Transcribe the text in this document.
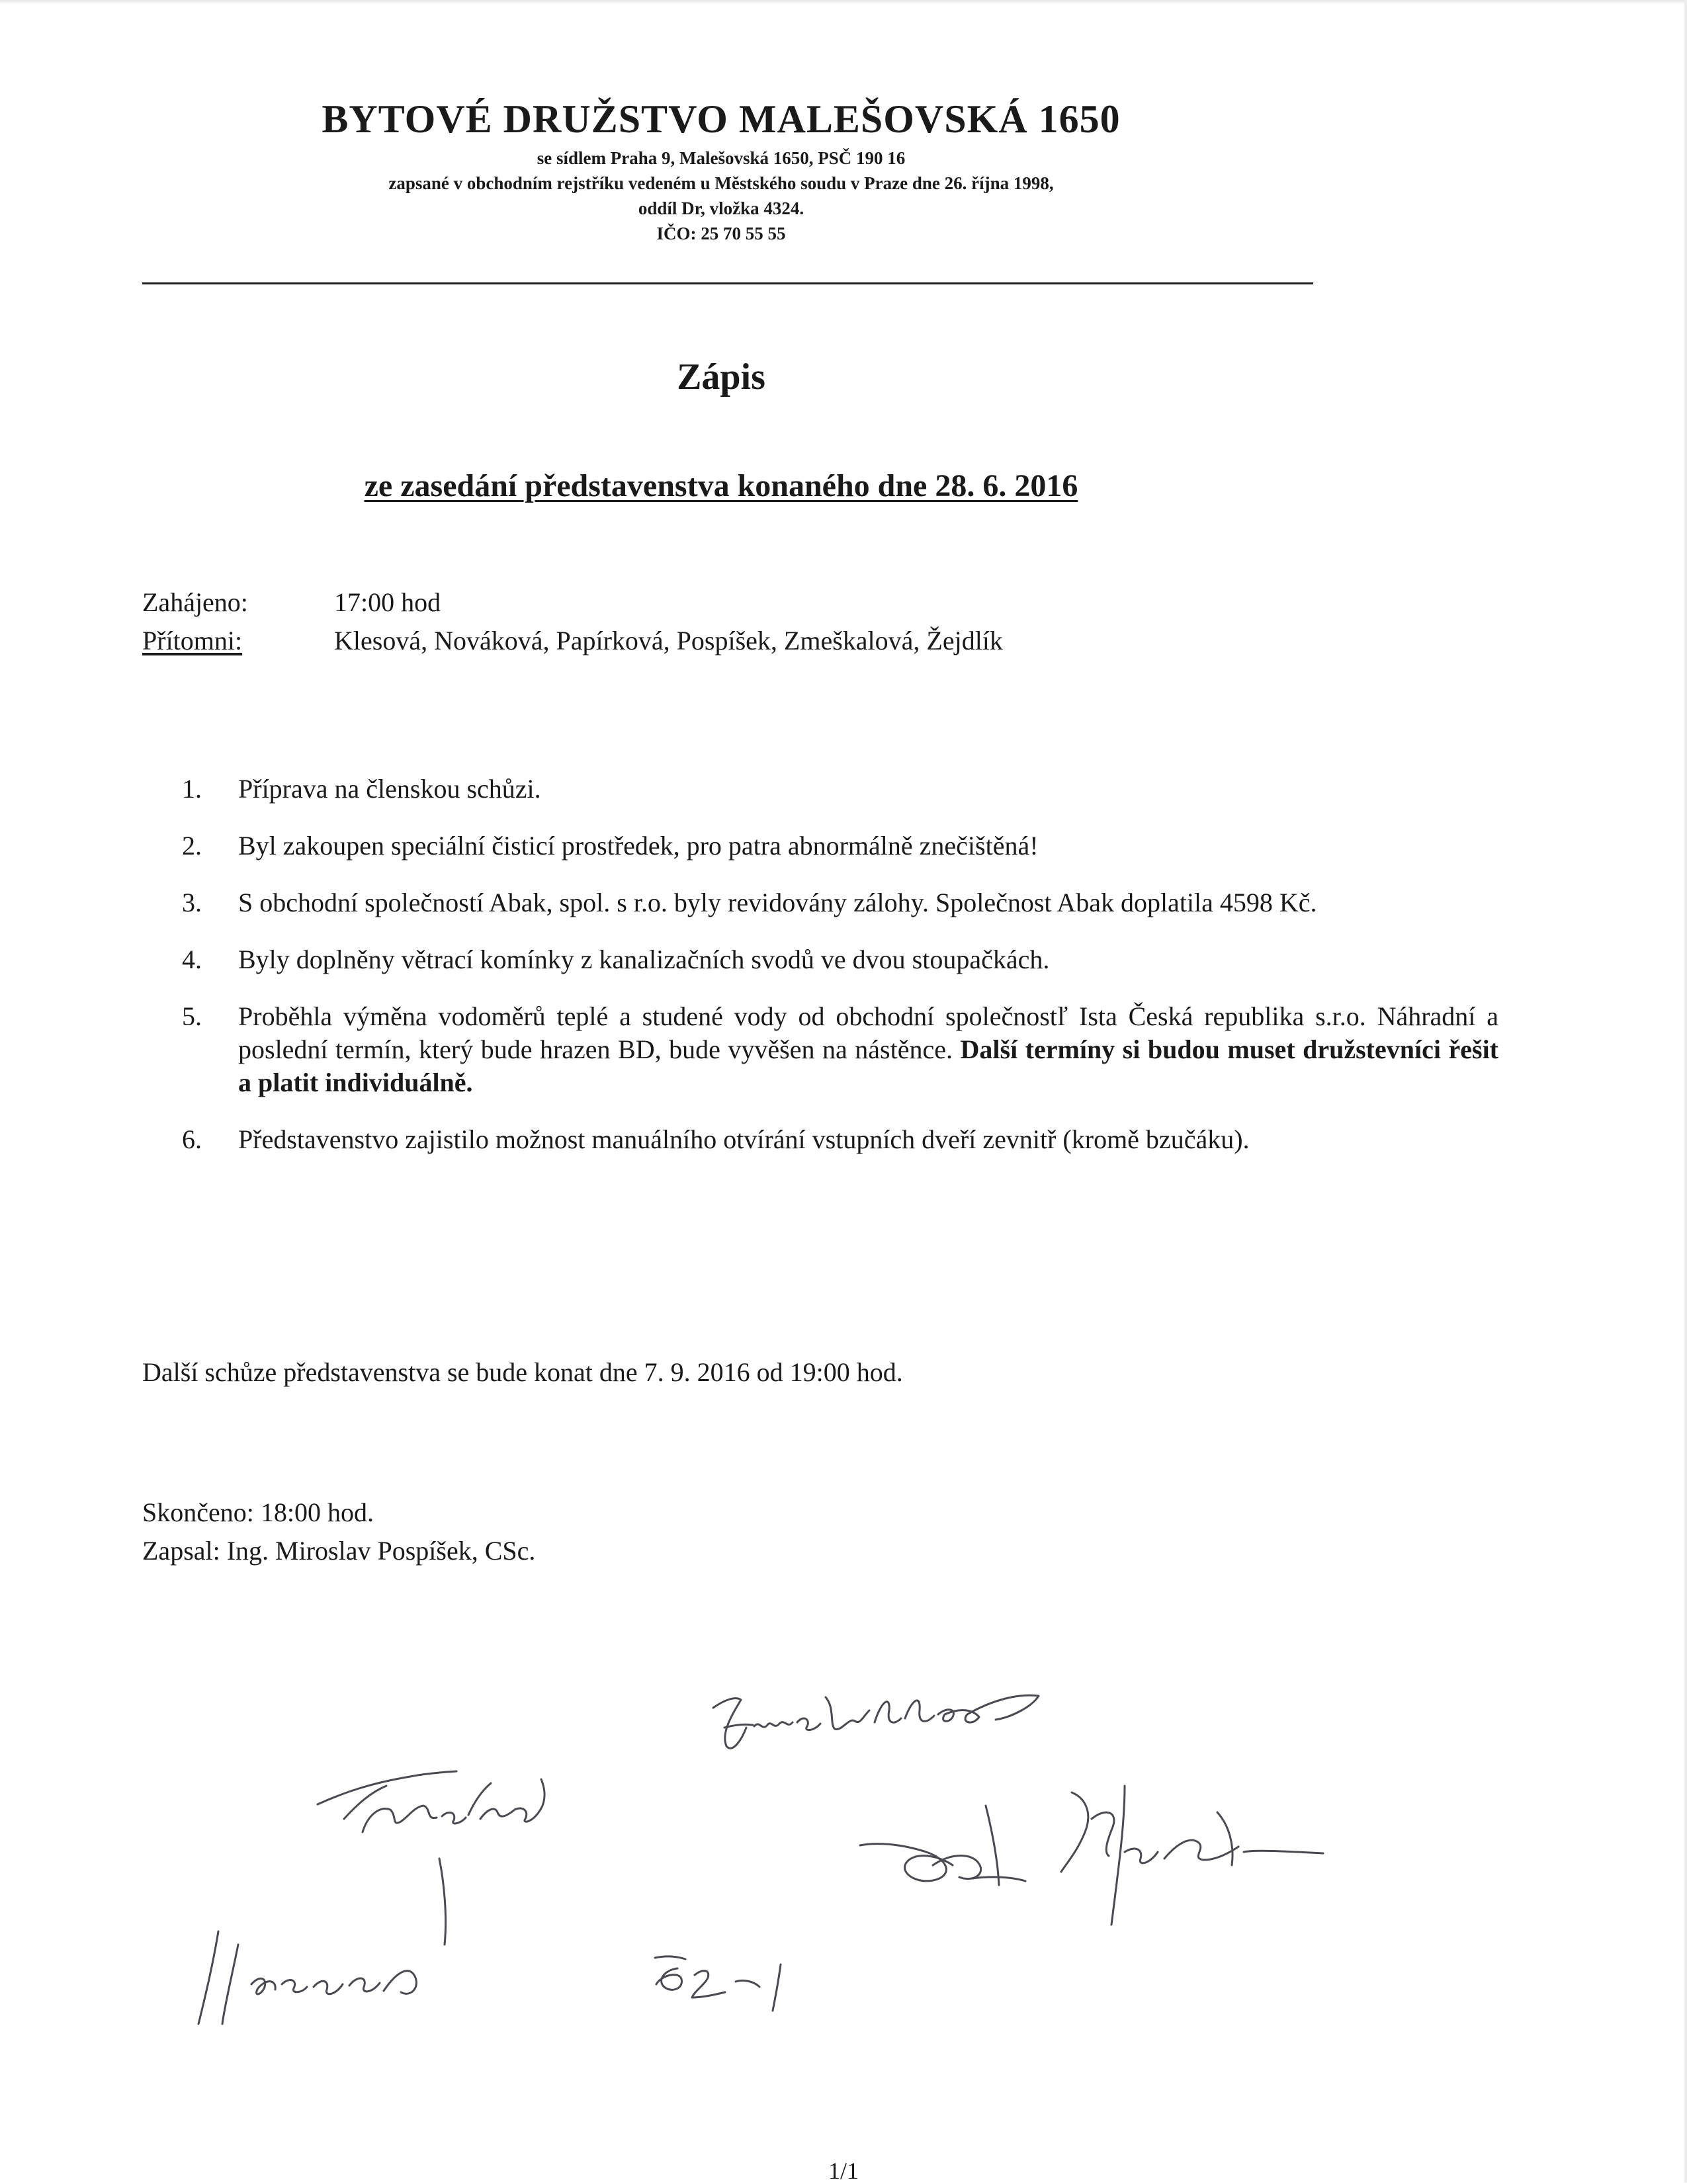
BYTOVÉ DRUŽSTVO MALEŠOVSKÁ 1650

se sídlem Praha 9, Malešovská 1650, PSČ 190 16

zapsané v obchodním rejstříku vedeném u Městského soudu v Praze dne 26. října 1998,

oddíl Dr, vložka 4324.

IČO: 25 70 55 55

Zápis
ze zasedání představenstva konaného dne 28. 6. 2016
Zahájeno:	17:00 hod
Přítomni:	Klesová, Nováková, Papírková, Pospíšek, Zmeškalová, Žejdlík
1.	Příprava na členskou schůzi.
2.	Byl zakoupen speciální čisticí prostředek, pro patra abnormálně znečištěná!
3.	S obchodní společností Abak, spol. s r.o. byly revidovány zálohy. Společnost Abak doplatila 4598 Kč.
4.	Byly doplněny větrací komínky z kanalizačních svodů ve dvou stoupačkách.
5.	Proběhla výměna vodoměrů teplé a studené vody od obchodní společnostľ Ista Česká republika s.r.o. Náhradní a poslední termín, který bude hrazen BD, bude vyvěšen na nástěnce. Další termíny si budou muset družstevníci řešit a platit individuálně.
6.	Představenstvo zajistilo možnost manuálního otvírání vstupních dveří zevnitř (kromě bzučáku).
Další schůze představenstva se bude konat dne 7. 9. 2016 od 19:00 hod.
Skončeno: 18:00 hod.
Zapsal: Ing. Miroslav Pospíšek, CSc.
1/1
